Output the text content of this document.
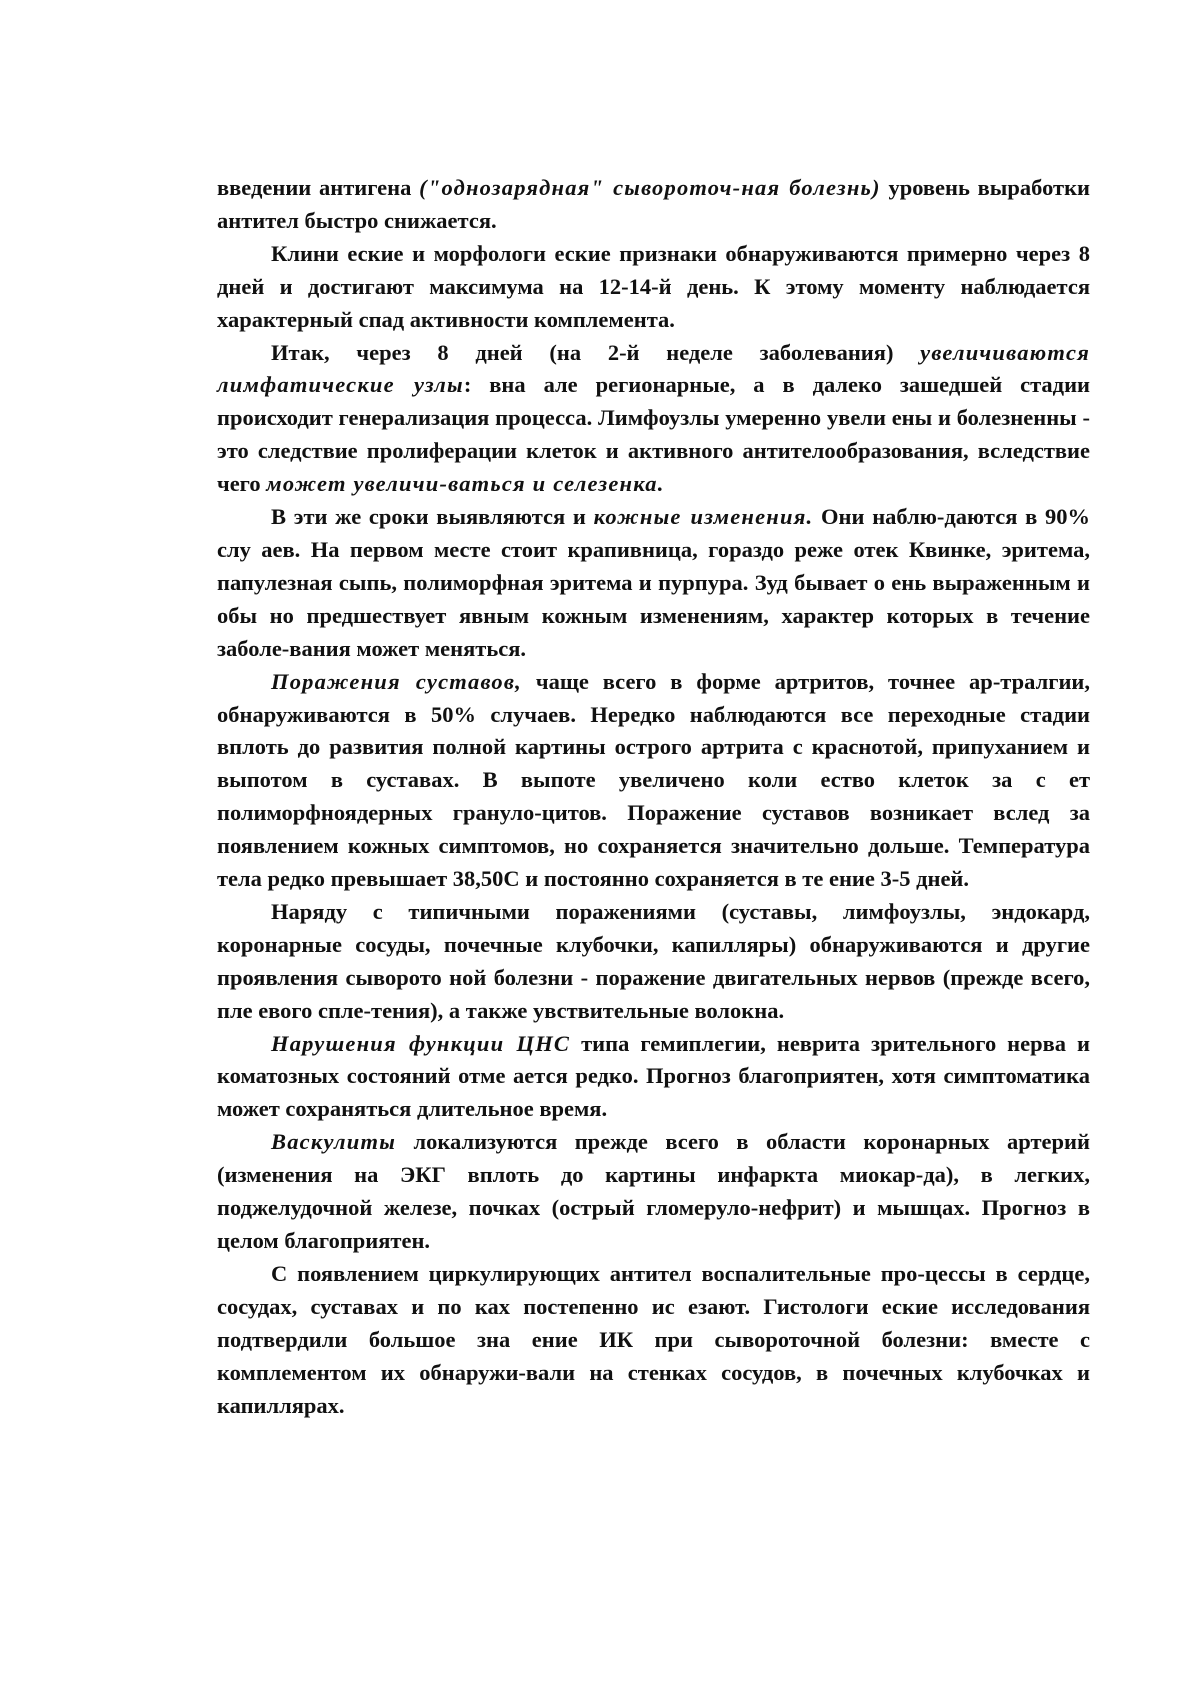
введении антигена ("однозарядная" сывороточ-ная болезнь) уровень выработки антител быстро снижается.

Клини еские и морфологи еские признаки обнаруживаются примерно через 8 дней и достигают максимума на 12-14-й день. К этому моменту наблюдается характерный спад активности комплемента.

Итак, через 8 дней (на 2-й неделе заболевания) увеличиваются лимфатические узлы: вна але регионарные, а в далеко зашедшей стадии происходит генерализация процесса. Лимфоузлы умеренно увели ены и болезненны - это следствие пролиферации клеток и активного антителообразования, вследствие чего может увеличи-ваться и селезенка.

В эти же сроки выявляются и кожные изменения. Они наблю-даются в 90% слу аев. На первом месте стоит крапивница, гораздо реже отек Квинке, эритема, папулезная сыпь, полиморфная эритема и пурпура. Зуд бывает о ень выраженным и обы но предшествует явным кожным изменениям, характер которых в течение заболе-вания может меняться.

Поражения суставов, чаще всего в форме артритов, точнее ар-тралгии, обнаруживаются в 50% случаев. Нередко наблюдаются все переходные стадии вплоть до развития полной картины острого артрита с краснотой, припуханием и выпотом в суставах. В выпоте увеличено коли ество клеток за с ет полиморфноядерных грануло-цитов. Поражение суставов возникает вслед за появлением кожных симптомов, но сохраняется значительно дольше. Температура тела редко превышает 38,50С и постоянно сохраняется в те ение 3-5 дней.

Наряду с типичными поражениями (суставы, лимфоузлы, эндокард, коронарные сосуды, почечные клубочки, капилляры) обнаруживаются и другие проявления сыворото ной болезни - поражение двигательных нервов (прежде всего, пле евого спле-тения), а также увствительные волокна.

Нарушения функции ЦНС типа гемиплегии, неврита зрительного нерва и коматозных состояний отме ается редко. Прогноз благоприятен, хотя симптоматика может сохраняться длительное время.

Васкулиты локализуются прежде всего в области коронарных артерий (изменения на ЭКГ вплоть до картины инфаркта миокар-да), в легких, поджелудочной железе, почках (острый гломеруло-нефрит) и мышцах. Прогноз в целом благоприятен.

С появлением циркулирующих антител воспалительные про-цессы в сердце, сосудах, суставах и по ках постепенно ис езают. Гистологи еские исследования подтвердили большое зна ение ИК при сывороточной болезни: вместе с комплементом их обнаружи-вали на стенках сосудов, в почечных клубочках и капиллярах.
